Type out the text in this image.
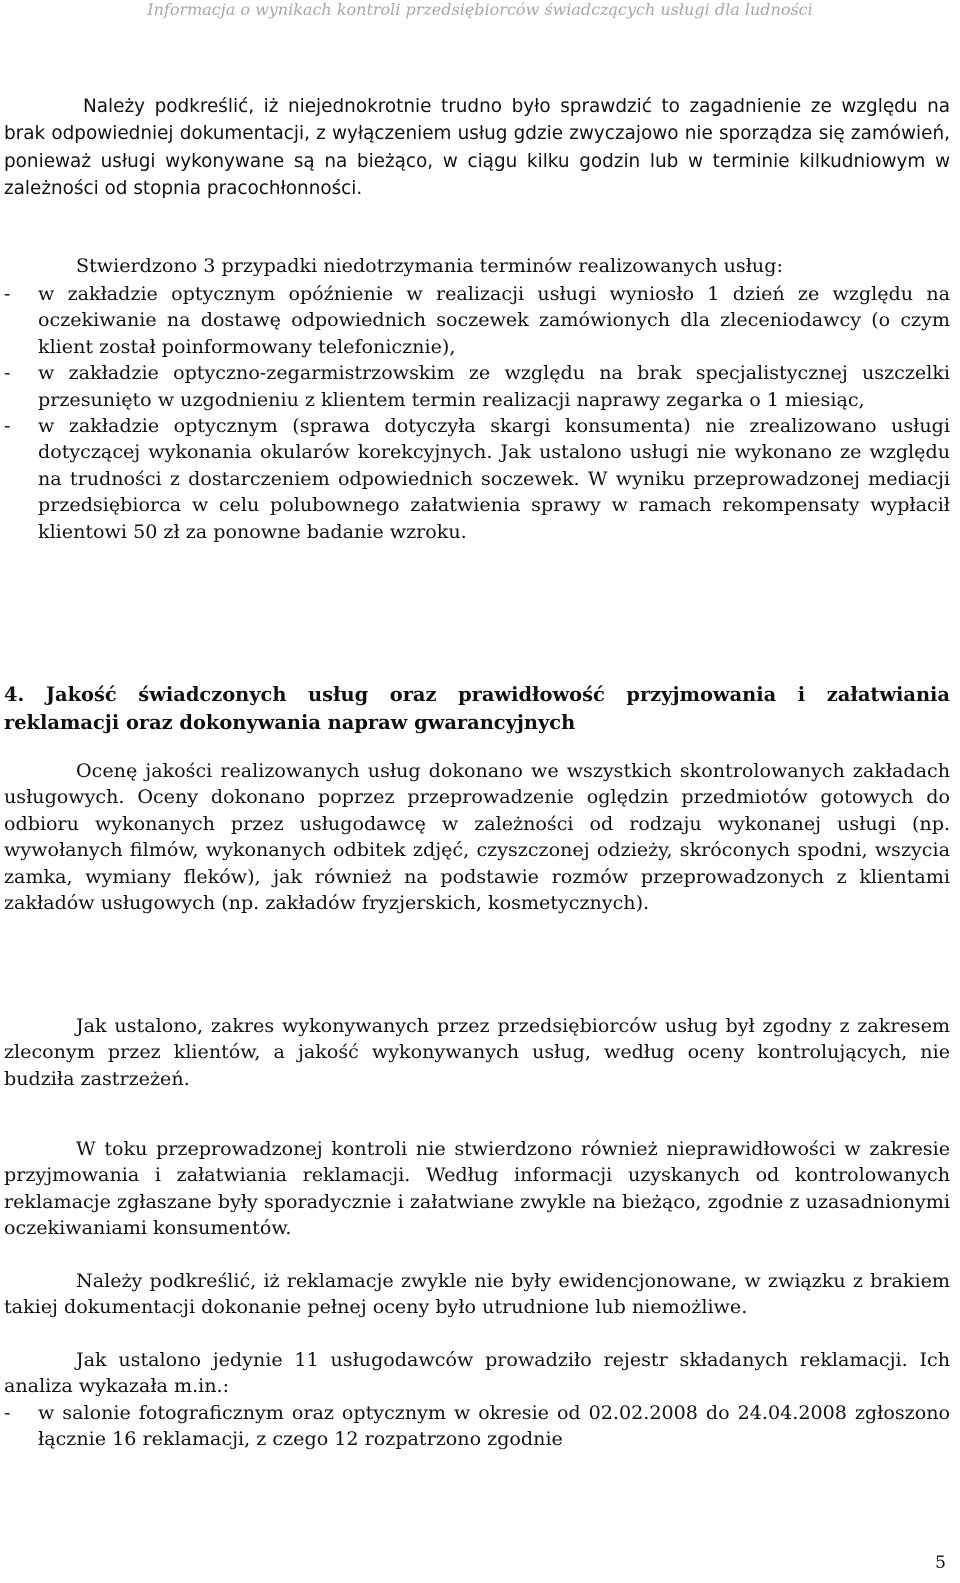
Informacja o wynikach kontroli przedsiębiorców świadczących usługi dla ludności

Należy podkreślić, iż niejednokrotnie trudno było sprawdzić to zagadnienie ze względu na brak odpowiedniej dokumentacji, z wyłączeniem usług gdzie zwyczajowo nie sporządza się zamówień, ponieważ usługi wykonywane są na bieżąco, w ciągu kilku godzin lub w terminie kilkudniowym w zależności od stopnia pracochłonności.

Stwierdzono 3 przypadki niedotrzymania terminów realizowanych usług:

- w zakładzie optycznym opóźnienie w realizacji usługi wyniosło 1 dzień ze względu na oczekiwanie na dostawę odpowiednich soczewek zamówionych dla zleceniodawcy (o czym klient został poinformowany telefonicznie),

- w zakładzie optyczno-zegarmistrzowskim ze względu na brak specjalistycznej uszczelki przesunięto w uzgodnieniu z klientem termin realizacji naprawy zegarka o 1 miesiąc,

- w zakładzie optycznym (sprawa dotyczyła skargi konsumenta) nie zrealizowano usługi dotyczącej wykonania okularów korekcyjnych. Jak ustalono usługi nie wykonano ze względu na trudności z dostarczeniem odpowiednich soczewek. W wyniku przeprowadzonej mediacji przedsiębiorca w celu polubownego załatwienia sprawy w ramach rekompensaty wypłacił klientowi 50 zł za ponowne badanie wzroku.

4. Jakość świadczonych usług oraz prawidłowość przyjmowania i załatwiania reklamacji oraz dokonywania napraw gwarancyjnych

Ocenę jakości realizowanych usług dokonano we wszystkich skontrolowanych zakładach usługowych. Oceny dokonano poprzez przeprowadzenie oględzin przedmiotów gotowych do odbioru wykonanych przez usługodawcę w zależności od rodzaju wykonanej usługi (np. wywołanych filmów, wykonanych odbitek zdjęć, czyszczonej odzieży, skróconych spodni, wszycia zamka, wymiany fleków), jak również na podstawie rozmów przeprowadzonych z klientami zakładów usługowych (np. zakładów fryzjerskich, kosmetycznych).

Jak ustalono, zakres wykonywanych przez przedsiębiorców usług był zgodny z zakresem zleconym przez klientów, a jakość wykonywanych usług, według oceny kontrolujących, nie budziła zastrzeżeń.

W toku przeprowadzonej kontroli nie stwierdzono również nieprawidłowości w zakresie przyjmowania i załatwiania reklamacji. Według informacji uzyskanych od kontrolowanych reklamacje zgłaszane były sporadycznie i załatwiane zwykle na bieżąco, zgodnie z uzasadnionymi oczekiwaniami konsumentów.

Należy podkreślić, iż reklamacje zwykle nie były ewidencjonowane, w związku z brakiem takiej dokumentacji dokonanie pełnej oceny było utrudnione lub niemożliwe.

Jak ustalono jedynie 11 usługodawców prowadziło rejestr składanych reklamacji. Ich analiza wykazała m.in.:

- w salonie fotograficznym oraz optycznym w okresie od 02.02.2008 do 24.04.2008 zgłoszono łącznie 16 reklamacji, z czego 12 rozpatrzono zgodnie

5
